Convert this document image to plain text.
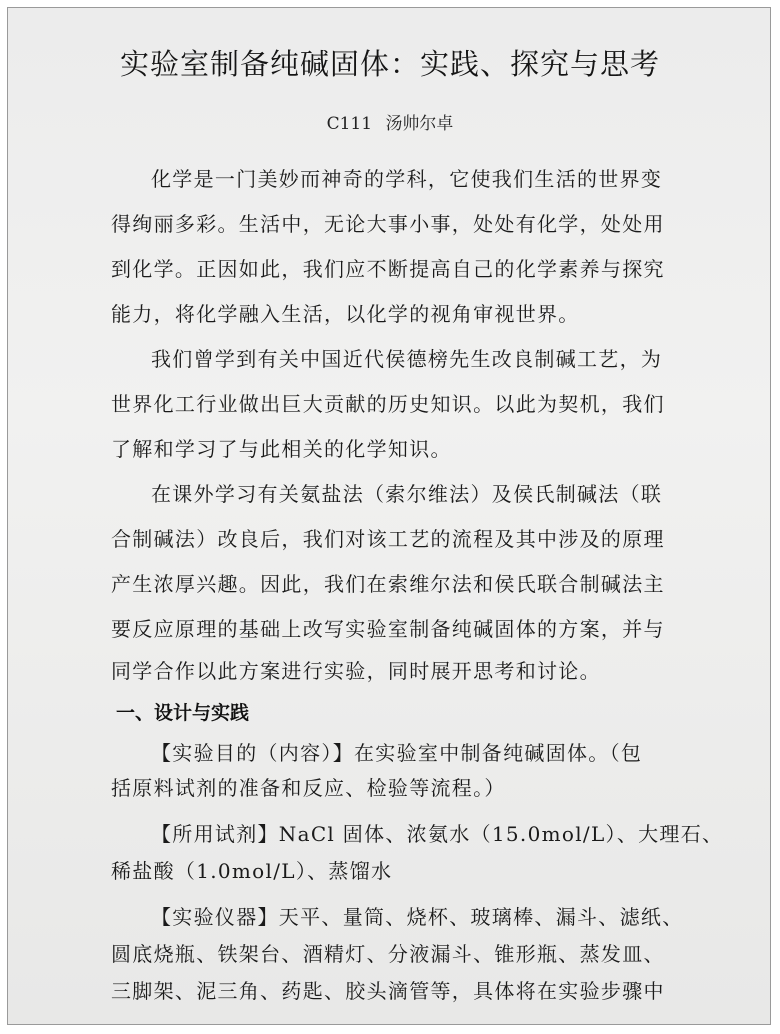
实验室制备纯碱固体：实践、探究与思考
C111 汤帅尔卓
化学是一门美妙而神奇的学科，它使我们生活的世界变
得绚丽多彩。生活中，无论大事小事，处处有化学，处处用
到化学。正因如此，我们应不断提高自己的化学素养与探究
能力，将化学融入生活，以化学的视角审视世界。
我们曾学到有关中国近代侯德榜先生改良制碱工艺，为
世界化工行业做出巨大贡献的历史知识。以此为契机，我们
了解和学习了与此相关的化学知识。
在课外学习有关氨盐法（索尔维法）及侯氏制碱法（联
合制碱法）改良后，我们对该工艺的流程及其中涉及的原理
产生浓厚兴趣。因此，我们在索维尔法和侯氏联合制碱法主
要反应原理的基础上改写实验室制备纯碱固体的方案，并与
同学合作以此方案进行实验，同时展开思考和讨论。
一、设计与实践
【实验目的（内容）】在实验室中制备纯碱固体。（包
括原料试剂的准备和反应、检验等流程。）
【所用试剂】NaCl 固体、浓氨水（15.0mol/L）、大理石、
稀盐酸（1.0mol/L）、蒸馏水
【实验仪器】天平、量筒、烧杯、玻璃棒、漏斗、滤纸、
圆底烧瓶、铁架台、酒精灯、分液漏斗、锥形瓶、蒸发皿、
三脚架、泥三角、药匙、胶头滴管等，具体将在实验步骤中
